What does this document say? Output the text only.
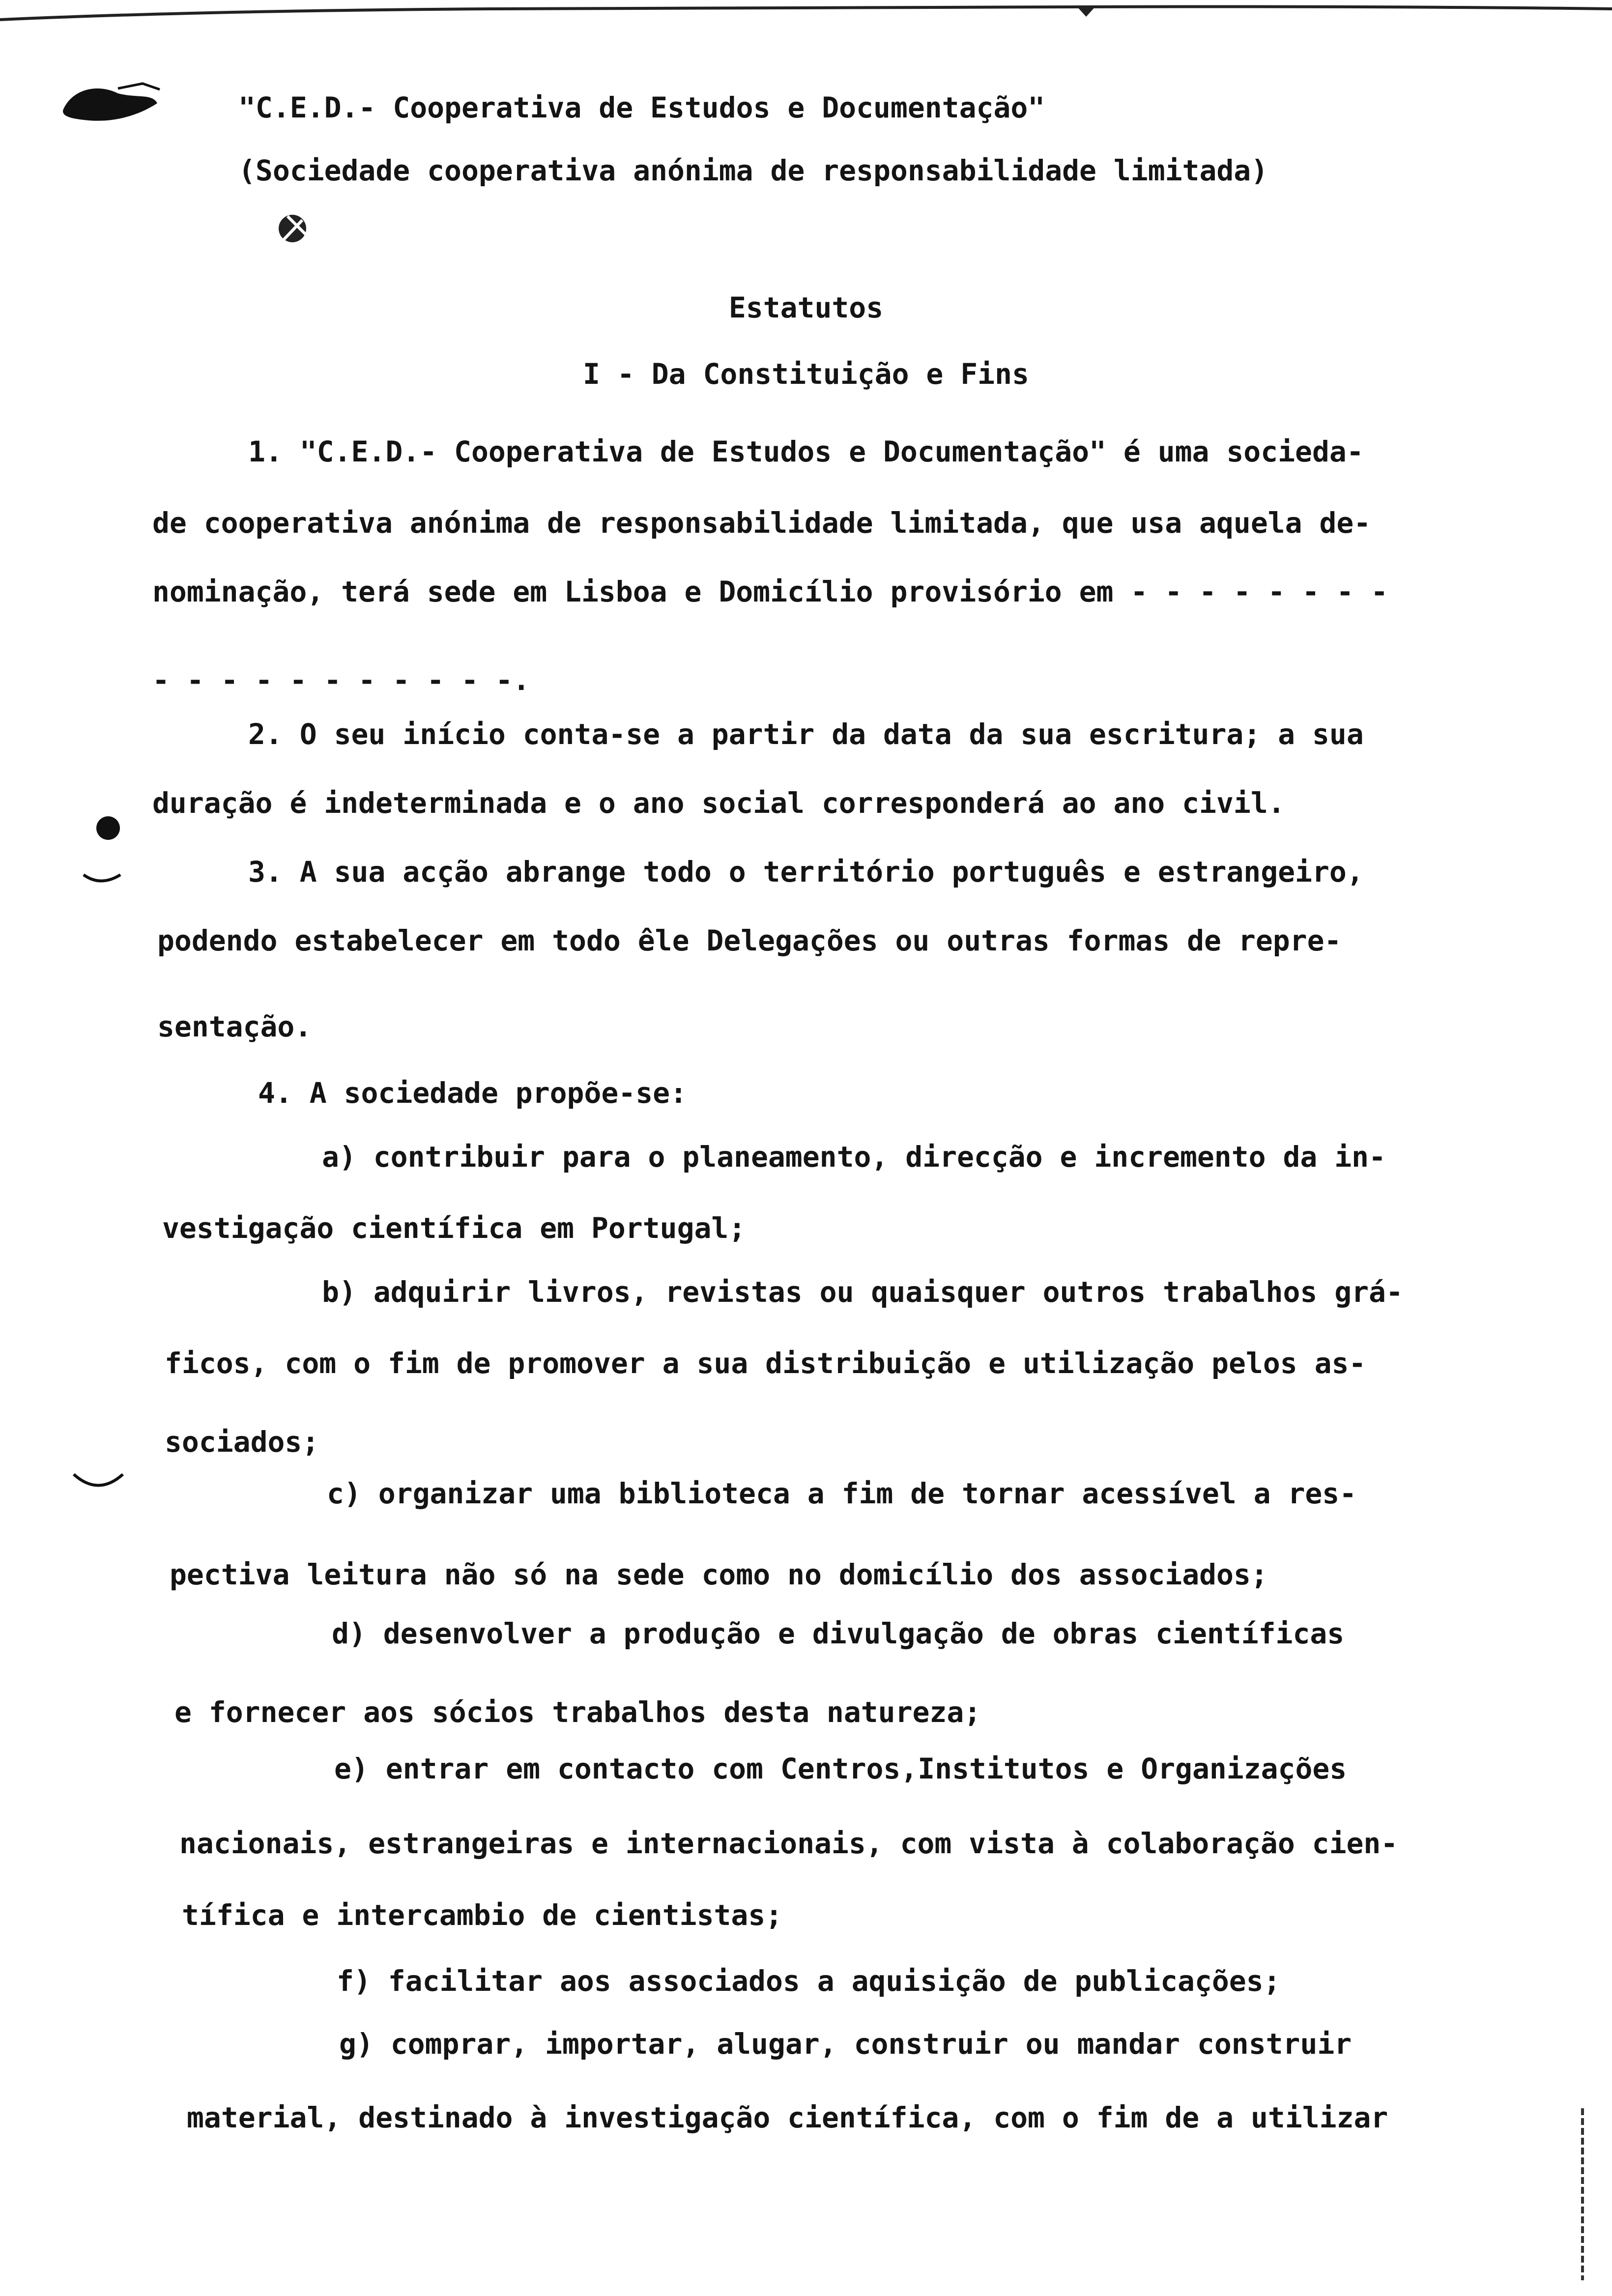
"C.E.D.- Cooperativa de Estudos e Documentação"
(Sociedade cooperativa anónima de responsabilidade limitada)
Estatutos
I - Da Constituição e Fins
1. "C.E.D.- Cooperativa de Estudos e Documentação" é uma socieda-
de cooperativa anónima de responsabilidade limitada, que usa aquela de-
nominação, terá sede em Lisboa e Domicílio provisório em - - - - - - - -
- - - - - - - - - - -.
2. O seu início conta-se a partir da data da sua escritura; a sua
duração é indeterminada e o ano social corresponderá ao ano civil.
3. A sua acção abrange todo o território português e estrangeiro,
podendo estabelecer em todo êle Delegações ou outras formas de repre-
sentação.
4. A sociedade propõe-se:
a) contribuir para o planeamento, direcção e incremento da in-
vestigação científica em Portugal;
b) adquirir livros, revistas ou quaisquer outros trabalhos grá-
ficos, com o fim de promover a sua distribuição e utilização pelos as-
sociados;
c) organizar uma biblioteca a fim de tornar acessível a res-
pectiva leitura não só na sede como no domicílio dos associados;
d) desenvolver a produção e divulgação de obras científicas
e fornecer aos sócios trabalhos desta natureza;
e) entrar em contacto com Centros,Institutos e Organizações
nacionais, estrangeiras e internacionais, com vista à colaboração cien-
tífica e intercambio de cientistas;
f) facilitar aos associados a aquisição de publicações;
g) comprar, importar, alugar, construir ou mandar construir
material, destinado à investigação científica, com o fim de a utilizar
